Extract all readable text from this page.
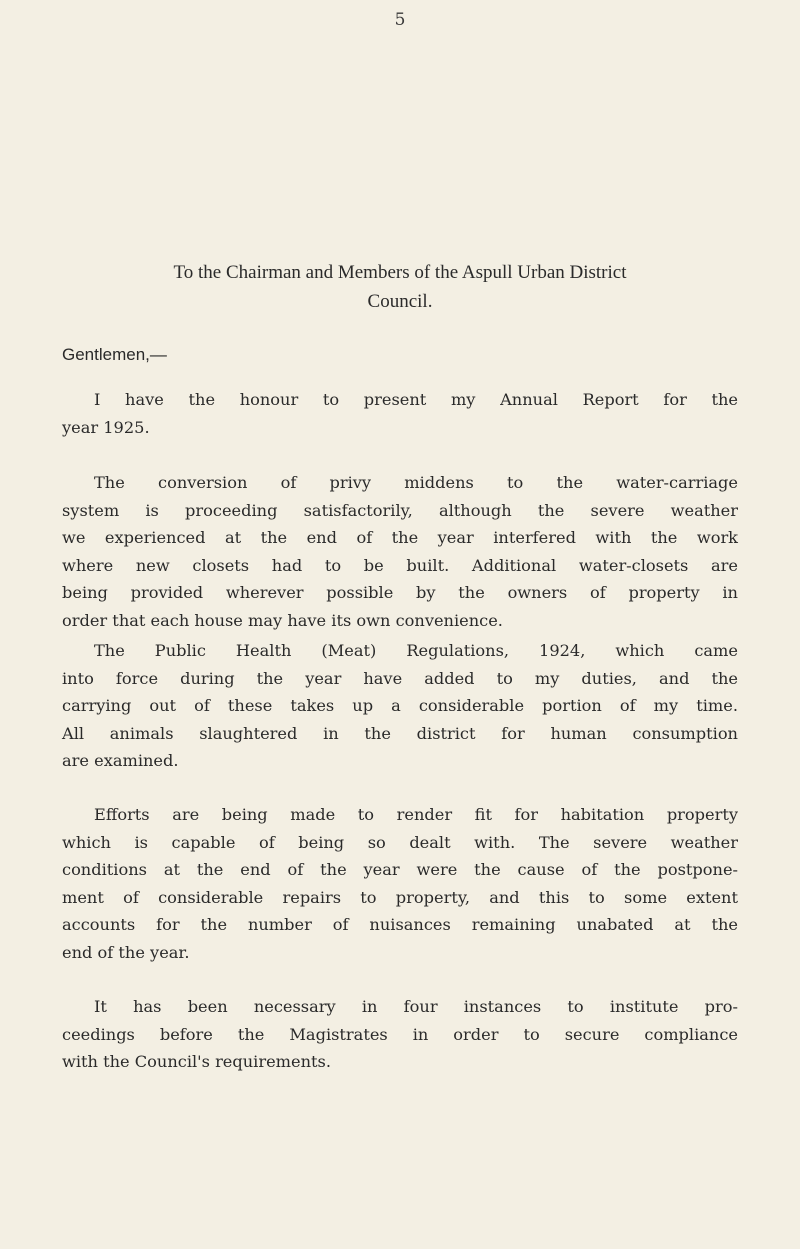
5
To the Chairman and Members of the Aspull Urban District
Council.
Gentlemen,—
I have the honour to present my Annual Report for the
year 1925.
The conversion of privy middens to the water-carriage
system is proceeding satisfactorily, although the severe weather
we experienced at the end of the year interfered with the work
where new closets had to be built. Additional water-closets are
being provided wherever possible by the owners of property in
order that each house may have its own convenience.
The Public Health (Meat) Regulations, 1924, which came
into force during the year have added to my duties, and the
carrying out of these takes up a considerable portion of my time.
All animals slaughtered in the district for human consumption
are examined.
Efforts are being made to render fit for habitation property
which is capable of being so dealt with. The severe weather
conditions at the end of the year were the cause of the postpone-
ment of considerable repairs to property, and this to some extent
accounts for the number of nuisances remaining unabated at the
end of the year.
It has been necessary in four instances to institute pro-
ceedings before the Magistrates in order to secure compliance
with the Council's requirements.
